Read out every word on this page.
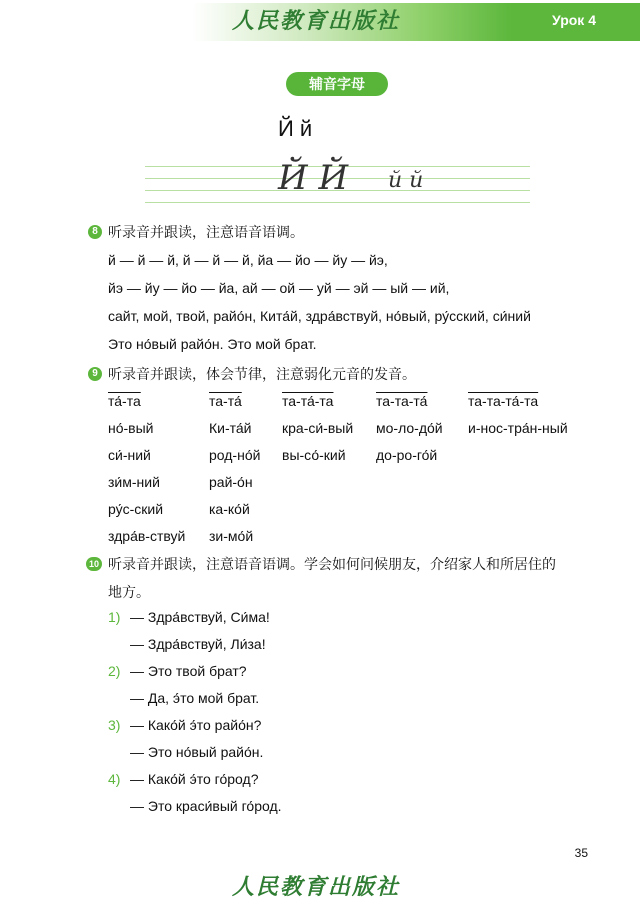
人民教育出版社	Урок 4
辅音字母
Й й
Й Й й й
8 听录音并跟读，注意语音语调。
й — й — й, й — й — й, йа — йо — йу — йэ,
йэ — йу — йо — йа, ай — ой — уй — эй — ый — ий,
сайт, мой, твой, райо́н, Кита́й, здра́вствуй, но́вый, ру́сский, си́ний
Это но́вый райо́н. Это мой брат.
9 听录音并跟读，体会节律，注意弱化元音的发音。
та́-та
но́-вый
си́-ний
зи́м-ний
ру́с-ский
здра́в-ствуй
та-та́
Ки-та́й
род-но́й
рай-о́н
ка-ко́й
зи-мо́й
та-та́-та
кра-си́-вый
вы-со́-кий
та-та-та́
мо-ло-до́й
до-ро-го́й
та-та-та́-та
и-нос-тра́н-ный
10 听录音并跟读，注意语音语调。学会如何问候朋友，介绍家人和所居住的
地方。
1) — Здра́вствуй, Си́ма!
— Здра́вствуй, Ли́за!
2) — Это твой брат?
— Да, э́то мой брат.
3) — Како́й э́то райо́н?
— Это но́вый райо́н.
4) — Како́й э́то го́род?
— Это краси́вый го́род.
35
人民教育出版社
